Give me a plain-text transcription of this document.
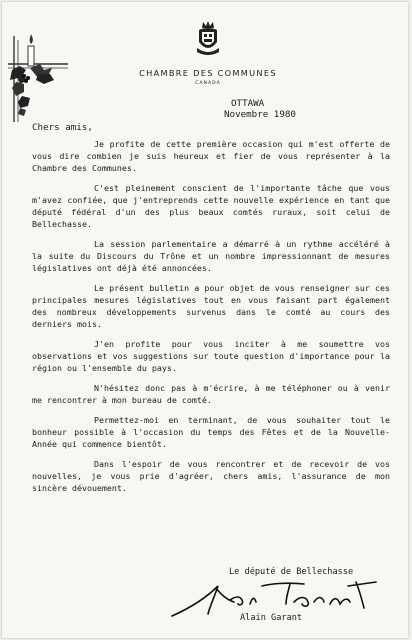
CHAMBRE DES COMMUNES
CANADA
OTTAWA
Novembre 1980
Chers amis,

Je profite de cette première occasion qui m'est offerte de vous dire combien je suis heureux et fier de vous représenter à la Chambre des Communes.

C'est pleinement conscient de l'importante tâche que vous m'avez confiée, que j'entreprends cette nouvelle expérience en tant que député fédéral d'un des plus beaux comtés ruraux, soit celui de Bellechasse.

La session parlementaire a démarré à un rythme accéléré à la suite du Discours du Trône et un nombre impressionnant de mesures législatives ont déjà été annoncées.

Le présent bulletin a pour objet de vous renseigner sur ces principales mesures législatives tout en vous faisant part également des nombreux développements survenus dans le comté au cours des derniers mois.

J'en profite pour vous inciter à me soumettre vos observations et vos suggestions sur toute question d'importance pour la région ou l'ensemble du pays.

N'hésitez donc pas à m'écrire, à me téléphoner ou à venir me rencontrer à mon bureau de comté.

Permettez-moi en terminant, de vous souhaiter tout le bonheur possible à l'occasion du temps des Fêtes et de la Nouvelle-Année qui commence bientôt.

Dans l'espoir de vous rencontrer et de recevoir de vos nouvelles, je vous prie d'agréer, chers amis, l'assurance de mon sincère dévouement.

Le député de Bellechasse
Alain Garant
